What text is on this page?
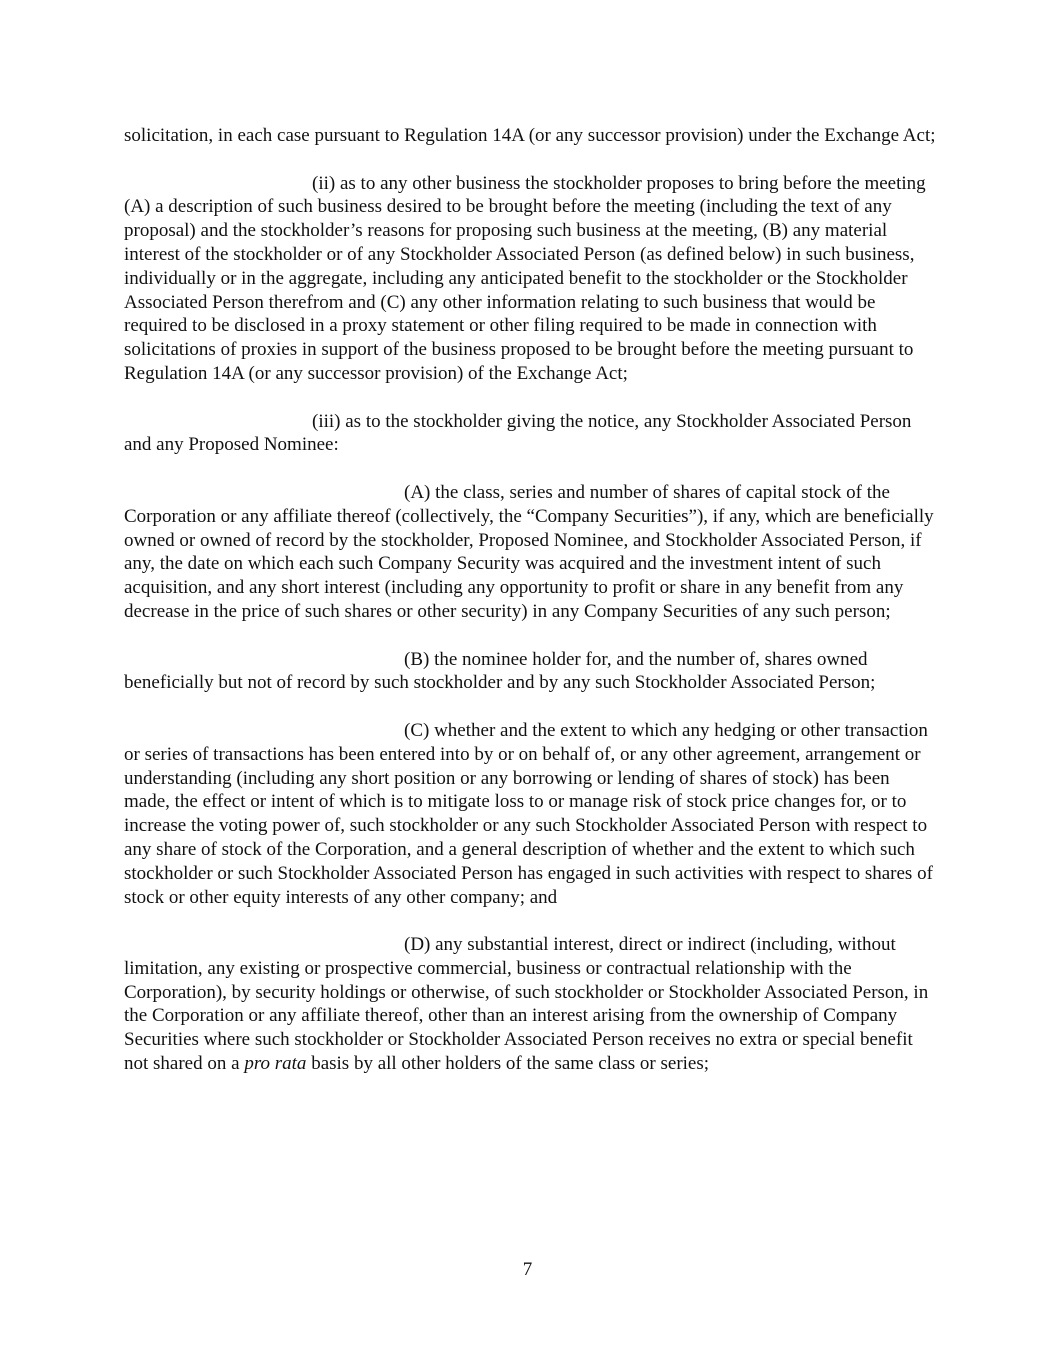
solicitation, in each case pursuant to Regulation 14A (or any successor provision) under the Exchange Act;

(ii) as to any other business the stockholder proposes to bring before the meeting (A) a description of such business desired to be brought before the meeting (including the text of any proposal) and the stockholder’s reasons for proposing such business at the meeting, (B) any material interest of the stockholder or of any Stockholder Associated Person (as defined below) in such business, individually or in the aggregate, including any anticipated benefit to the stockholder or the Stockholder Associated Person therefrom and (C) any other information relating to such business that would be required to be disclosed in a proxy statement or other filing required to be made in connection with solicitations of proxies in support of the business proposed to be brought before the meeting pursuant to Regulation 14A (or any successor provision) of the Exchange Act;

(iii) as to the stockholder giving the notice, any Stockholder Associated Person and any Proposed Nominee:

(A) the class, series and number of shares of capital stock of the Corporation or any affiliate thereof (collectively, the “Company Securities”), if any, which are beneficially owned or owned of record by the stockholder, Proposed Nominee, and Stockholder Associated Person, if any, the date on which each such Company Security was acquired and the investment intent of such acquisition, and any short interest (including any opportunity to profit or share in any benefit from any decrease in the price of such shares or other security) in any Company Securities of any such person;

(B) the nominee holder for, and the number of, shares owned beneficially but not of record by such stockholder and by any such Stockholder Associated Person;

(C) whether and the extent to which any hedging or other transaction or series of transactions has been entered into by or on behalf of, or any other agreement, arrangement or understanding (including any short position or any borrowing or lending of shares of stock) has been made, the effect or intent of which is to mitigate loss to or manage risk of stock price changes for, or to increase the voting power of, such stockholder or any such Stockholder Associated Person with respect to any share of stock of the Corporation, and a general description of whether and the extent to which such stockholder or such Stockholder Associated Person has engaged in such activities with respect to shares of stock or other equity interests of any other company; and

(D) any substantial interest, direct or indirect (including, without limitation, any existing or prospective commercial, business or contractual relationship with the Corporation), by security holdings or otherwise, of such stockholder or Stockholder Associated Person, in the Corporation or any affiliate thereof, other than an interest arising from the ownership of Company Securities where such stockholder or Stockholder Associated Person receives no extra or special benefit not shared on a pro rata basis by all other holders of the same class or series;

7
